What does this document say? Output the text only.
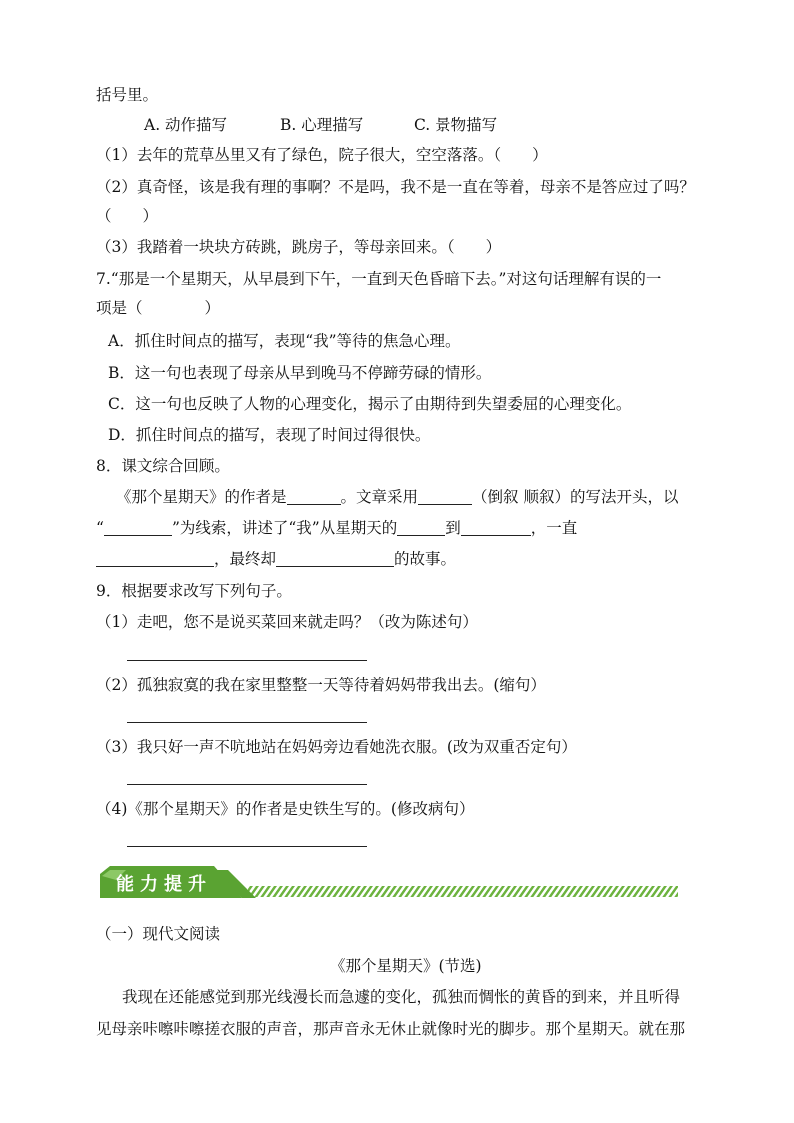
括号里。
A. 动作描写	B. 心理描写	C. 景物描写
（1）去年的荒草丛里又有了绿色，院子很大，空空落落。（　　）
（2）真奇怪，该是我有理的事啊？不是吗，我不是一直在等着，母亲不是答应过了吗？
（　　）
（3）我踏着一块块方砖跳，跳房子，等母亲回来。（　　）
7.“那是一个星期天，从早晨到下午，一直到天色昏暗下去。”对这句话理解有误的一
项是（　　　　）
A．抓住时间点的描写，表现“我”等待的焦急心理。
B．这一句也表现了母亲从早到晚马不停蹄劳碌的情形。
C．这一句也反映了人物的心理变化，揭示了由期待到失望委屈的心理变化。
D．抓住时间点的描写，表现了时间过得很快。
8．课文综合回顾。
《那个星期天》的作者是	。文章采用	（倒叙 顺叙）的写法开头，以
“	”为线索，讲述了“我”从星期天的	到	，一直
，最终却	的故事。
9．根据要求改写下列句子。
（1）走吧，您不是说买菜回来就走吗？（改为陈述句）
（2）孤独寂寞的我在家里整整一天等待着妈妈带我出去。(缩句）
（3）我只好一声不吭地站在妈妈旁边看她洗衣服。(改为双重否定句）
（4)《那个星期天》的作者是史铁生写的。(修改病句）
能力提升
（一）现代文阅读
《那个星期天》(节选)
我现在还能感觉到那光线漫长而急遽的变化，孤独而惆怅的黄昏的到来，并且听得
见母亲咔嚓咔嚓搓衣服的声音，那声音永无休止就像时光的脚步。那个星期天。就在那
